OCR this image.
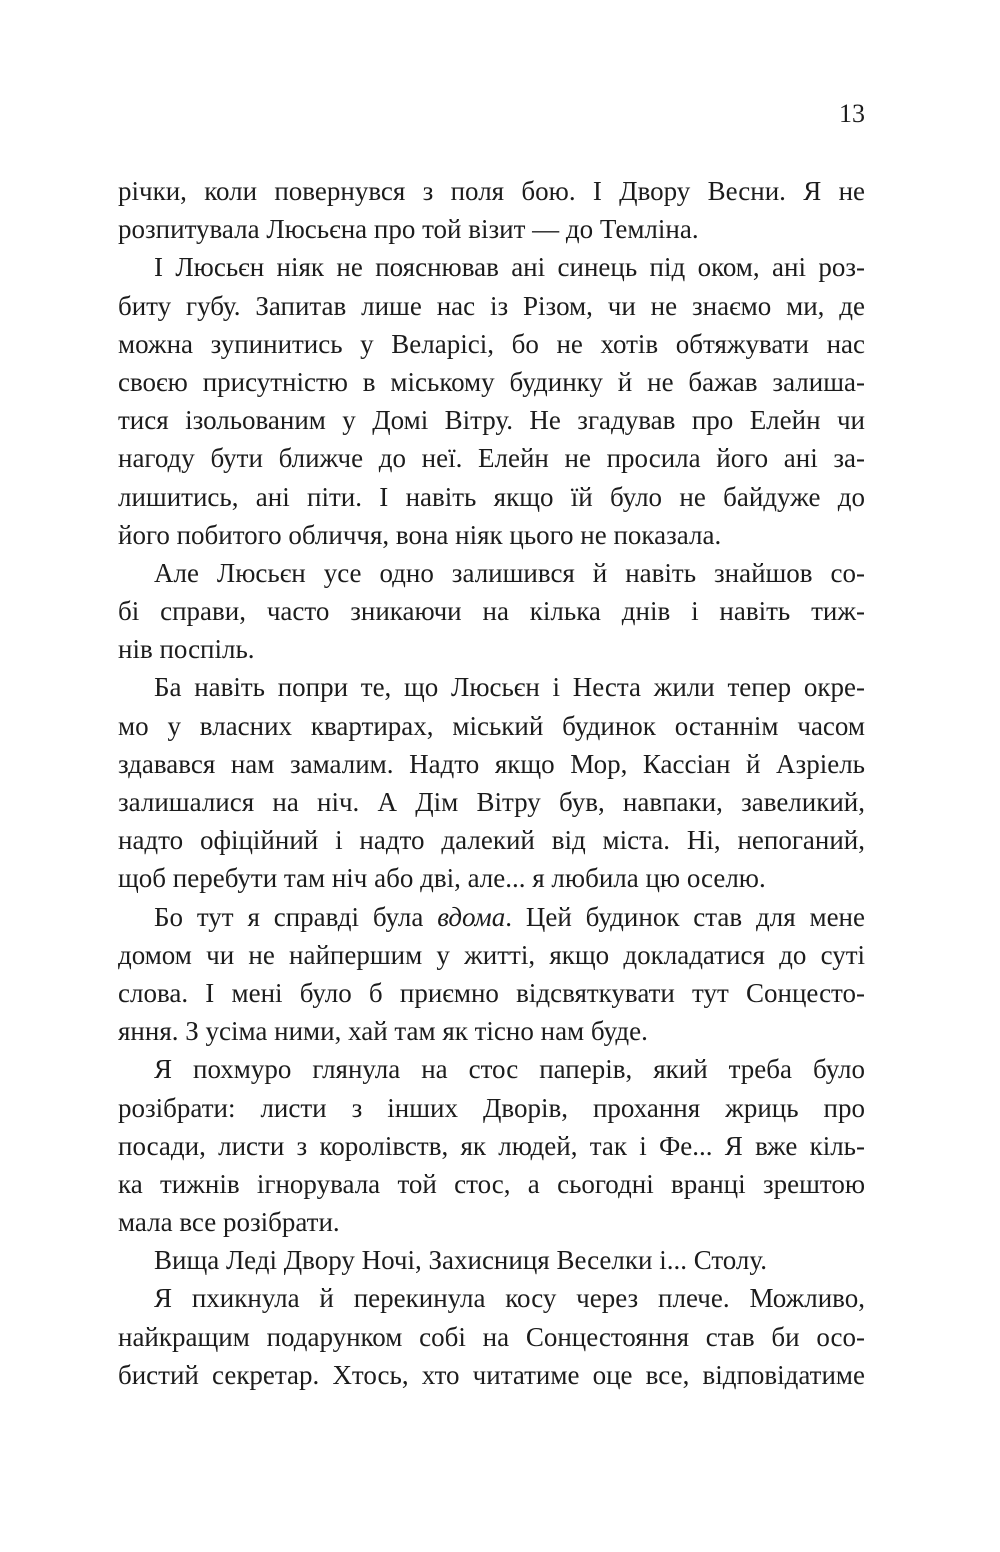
13
річки, коли повернувся з поля бою. І Двору Весни. Я не
розпитувала Люсьєна про той візит — до Темліна.
І Люсьєн ніяк не пояснював ані синець під оком, ані роз-
биту губу. Запитав лише нас із Різом, чи не знаємо ми, де
можна зупинитись у Веларісі, бо не хотів обтяжувати нас
своєю присутністю в міському будинку й не бажав залиша-
тися ізольованим у Домі Вітру. Не згадував про Елейн чи
нагоду бути ближче до неї. Елейн не просила його ані за-
лишитись, ані піти. І навіть якщо їй було не байдуже до
його побитого обличчя, вона ніяк цього не показала.
Але Люсьєн усе одно залишився й навіть знайшов со-
бі справи, часто зникаючи на кілька днів і навіть тиж-
нів поспіль.
Ба навіть попри те, що Люсьєн і Неста жили тепер окре-
мо у власних квартирах, міський будинок останнім часом
здавався нам замалим. Надто якщо Мор, Кассіан й Азріель
залишалися на ніч. А Дім Вітру був, навпаки, завеликий,
надто офіційний і надто далекий від міста. Ні, непоганий,
щоб перебути там ніч або дві, але... я любила цю оселю.
Бо тут я справді була вдома. Цей будинок став для мене
домом чи не найпершим у житті, якщо докладатися до суті
слова. І мені було б приємно відсвяткувати тут Сонцесто-
яння. З усіма ними, хай там як тісно нам буде.
Я похмуро глянула на стос паперів, який треба було
розібрати: листи з інших Дворів, прохання жриць про
посади, листи з королівств, як людей, так і Фе... Я вже кіль-
ка тижнів ігнорувала той стос, а сьогодні вранці зрештою
мала все розібрати.
Вища Леді Двору Ночі, Захисниця Веселки і... Столу.
Я пхикнула й перекинула косу через плече. Можливо,
найкращим подарунком собі на Сонцестояння став би осо-
бистий секретар. Хтось, хто читатиме оце все, відповідатиме
